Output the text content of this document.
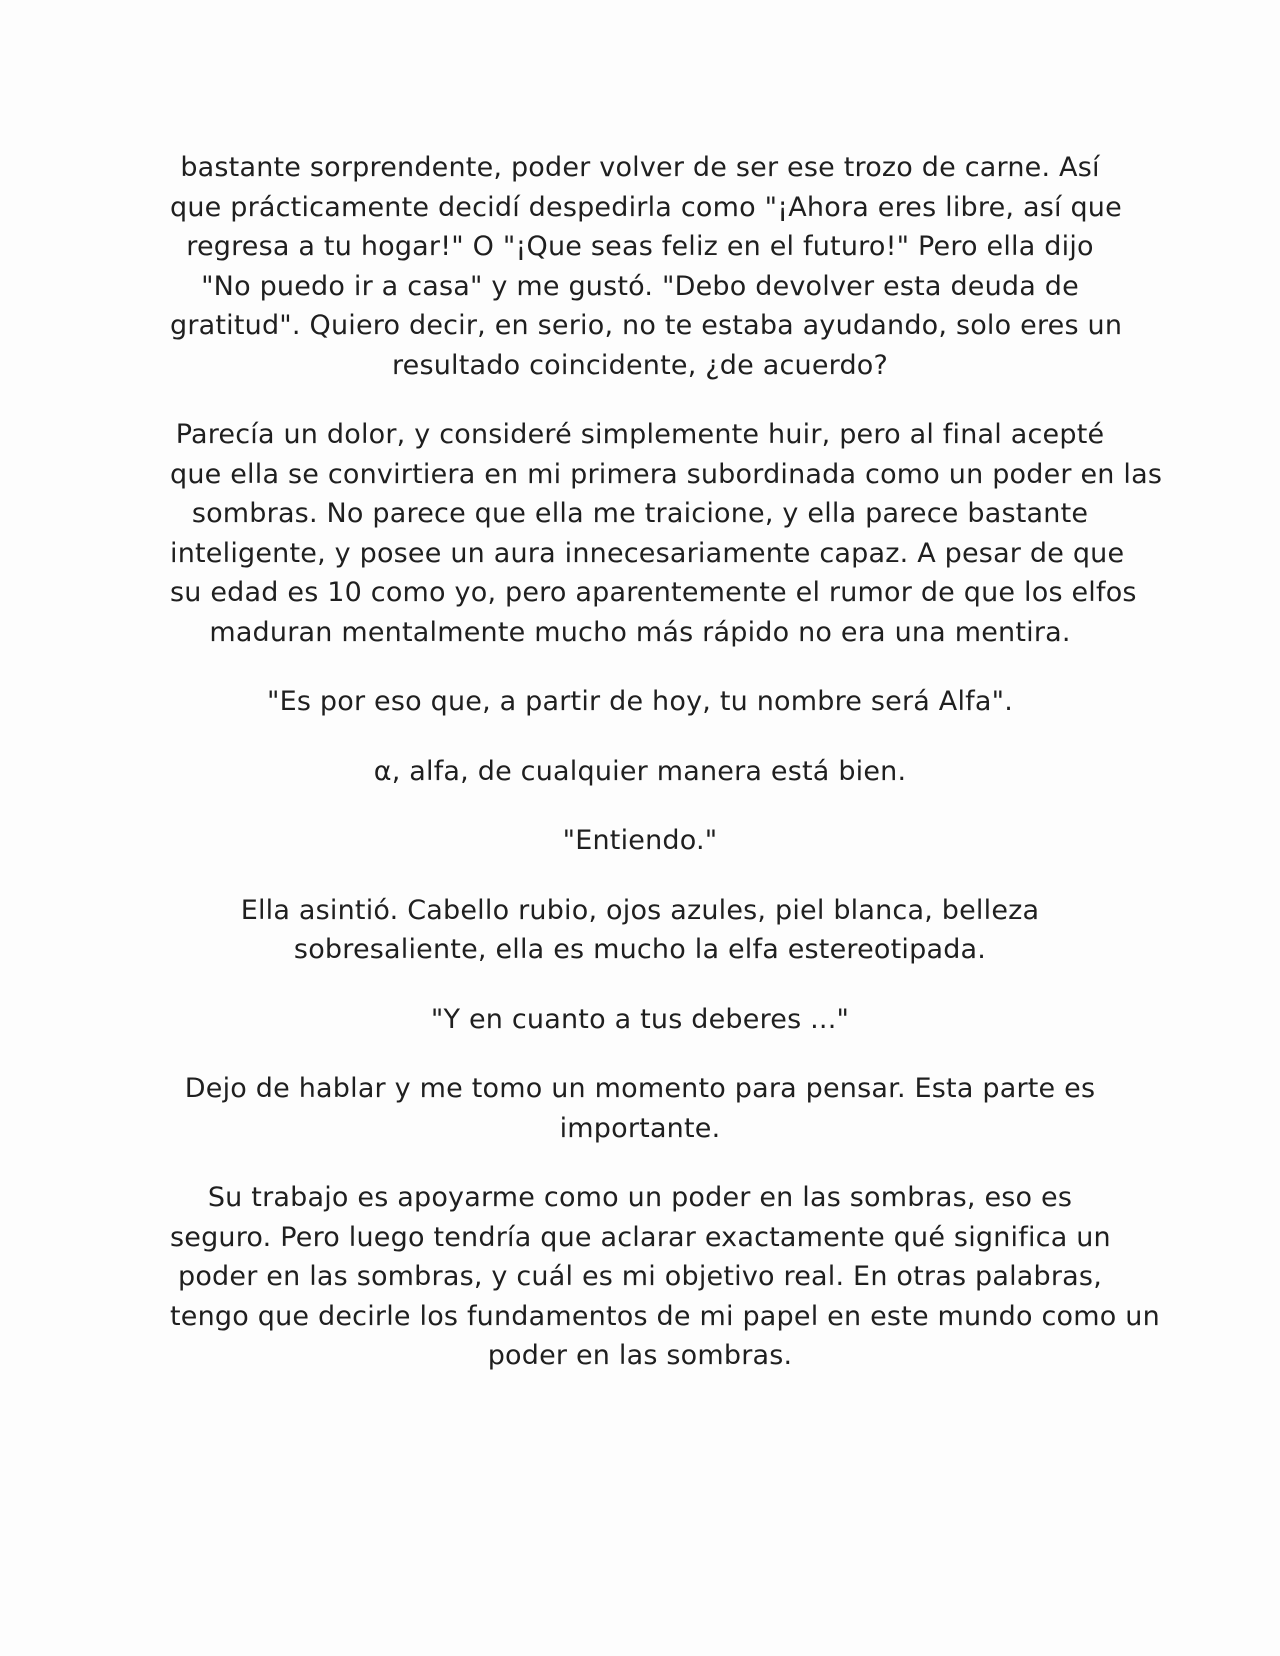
bastante sorprendente, poder volver de ser ese trozo de carne. Así
que prácticamente decidí despedirla como "¡Ahora eres libre, así que
regresa a tu hogar!" O "¡Que seas feliz en el futuro!" Pero ella dijo
"No puedo ir a casa" y me gustó. "Debo devolver esta deuda de
gratitud". Quiero decir, en serio, no te estaba ayudando, solo eres un
resultado coincidente, ¿de acuerdo?

Parecía un dolor, y consideré simplemente huir, pero al final acepté
que ella se convirtiera en mi primera subordinada como un poder en las
sombras. No parece que ella me traicione, y ella parece bastante
inteligente, y posee un aura innecesariamente capaz. A pesar de que
su edad es 10 como yo, pero aparentemente el rumor de que los elfos
maduran mentalmente mucho más rápido no era una mentira.

"Es por eso que, a partir de hoy, tu nombre será Alfa".

α, alfa, de cualquier manera está bien.

"Entiendo."

Ella asintió. Cabello rubio, ojos azules, piel blanca, belleza
sobresaliente, ella es mucho la elfa estereotipada.

"Y en cuanto a tus deberes ..."

Dejo de hablar y me tomo un momento para pensar. Esta parte es
importante.

Su trabajo es apoyarme como un poder en las sombras, eso es
seguro. Pero luego tendría que aclarar exactamente qué significa un
poder en las sombras, y cuál es mi objetivo real. En otras palabras,
tengo que decirle los fundamentos de mi papel en este mundo como un
poder en las sombras.
